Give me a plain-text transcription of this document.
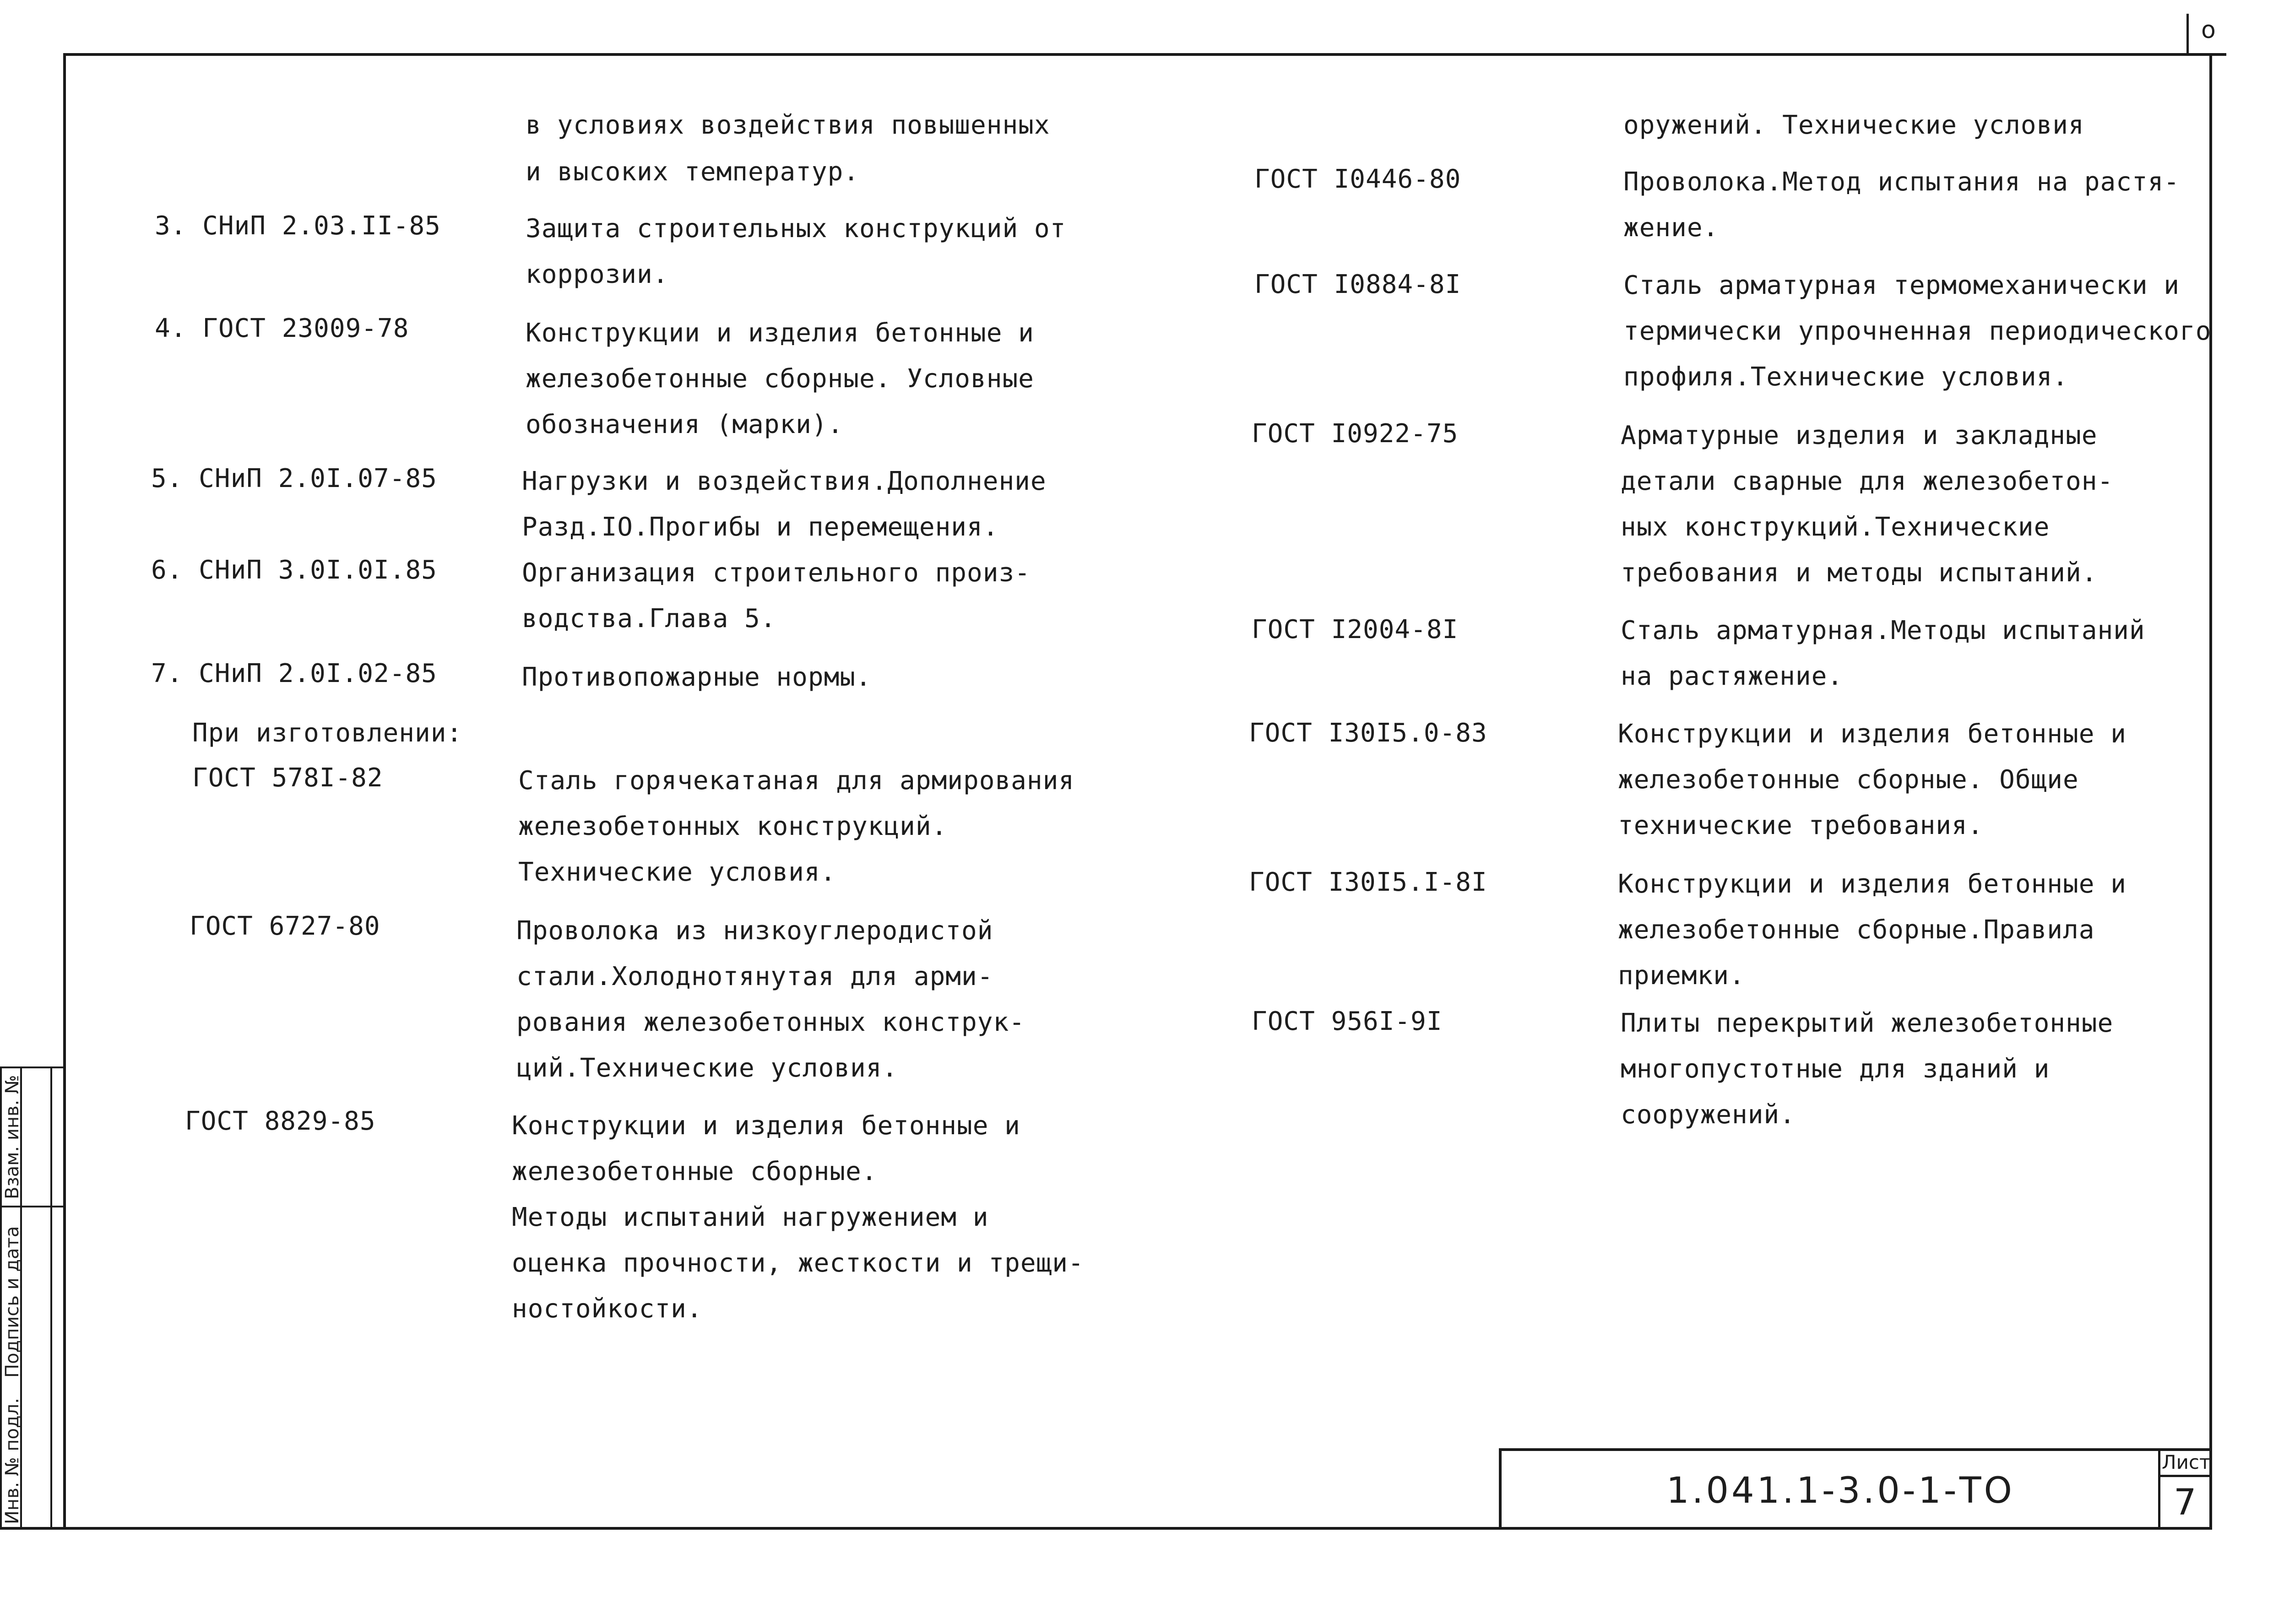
о
Инв. № подл.
Подпись и дата
Взам. инв. №
в условиях воздействия повышенных
и высоких температур.
3. СНиП 2.03.II-85	Защита строительных конструкций от
коррозии.
4. ГОСТ 23009-78	Конструкции и изделия бетонные и
железобетонные сборные. Условные
обозначения (марки).
5. СНиП 2.0I.07-85	Нагрузки и воздействия.Дополнение
Разд.IO.Прогибы и перемещения.
6. СНиП 3.0I.0I.85	Организация строительного произ-
водства.Глава 5.
7. СНиП 2.0I.02-85	Противопожарные нормы.
При изготовлении:
ГОСТ 578I-82	Сталь горячекатаная для армирования
железобетонных конструкций.
Технические условия.
ГОСТ 6727-80	Проволока из низкоуглеродистой
стали.Холоднотянутая для арми-
рования железобетонных конструк-
ций.Технические условия.
ГОСТ 8829-85	Конструкции и изделия бетонные и
железобетонные сборные.
Методы испытаний нагружением и
оценка прочности, жесткости и трещи-
ностойкости.
оружений. Технические условия
ГОСТ I0446-80	Проволока.Метод испытания на растя-
жение.
ГОСТ I0884-8I	Сталь арматурная термомеханически и
термически упрочненная периодического
профиля.Технические условия.
ГОСТ I0922-75	Арматурные изделия и закладные
детали сварные для железобетон-
ных конструкций.Технические
требования и методы испытаний.
ГОСТ I2004-8I	Сталь арматурная.Методы испытаний
на растяжение.
ГОСТ I30I5.0-83	Конструкции и изделия бетонные и
железобетонные сборные. Общие
технические требования.
ГОСТ I30I5.I-8I	Конструкции и изделия бетонные и
железобетонные сборные.Правила
приемки.
ГОСТ 956I-9I	Плиты перекрытий железобетонные
многопустотные для зданий и
сооружений.
1.041.1-3.0-1-ТО
Лист
7
